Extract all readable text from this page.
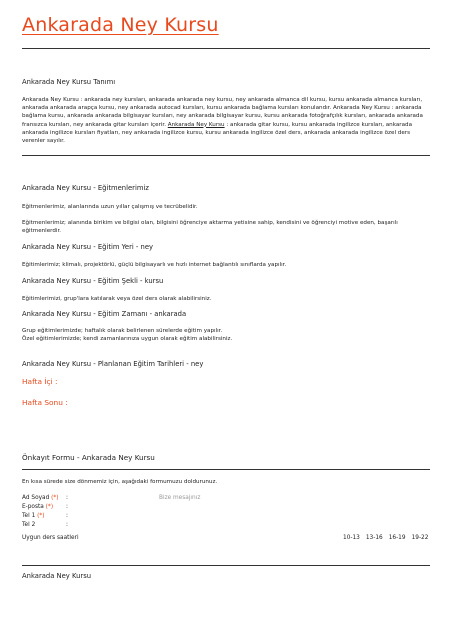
Ankarada Ney Kursu

Ankarada Ney Kursu Tanımı

Ankarada Ney Kursu : ankarada ney kursları, ankarada ankarada ney kursu, ney ankarada almanca dil kursu, kursu ankarada almanca kursları, ankarada ankarada arapça kursu, ney ankarada autocad kursları, kursu ankarada bağlama kursları konulandır. Ankarada Ney Kursu : ankarada bağlama kursu, ankarada ankarada bilgisayar kursları, ney ankarada bilgisayar kursu, kursu ankarada fotoğrafçılık kursları, ankarada ankarada fransızca kursları, ney ankarada gitar kursları içerir. Ankarada Ney Kursu : ankarada gitar kursu, kursu ankarada ingilizce kursları, ankarada ankarada ingilizce kursları fiyatları, ney ankarada ingilizce kursu, kursu ankarada ingilizce özel ders, ankarada ankarada ingilizce özel ders verenler sayılır.

Ankarada Ney Kursu - Eğitmenlerimiz

Eğitmenlerimiz, alanlarında uzun yıllar çalışmış ve tecrübelidir.

Eğitmenlerimiz; alanında birikim ve bilgisi olan, bilgisini öğrenciye aktarma yetisine sahip, kendisini ve öğrenciyi motive eden, başarılı eğitmenlerdir.

Ankarada Ney Kursu - Eğitim Yeri - ney

Eğitimlerimiz; klimalı, projektörlü, güçlü bilgisayarlı ve hızlı internet bağlantılı sınıflarda yapılır.

Ankarada Ney Kursu - Eğitim Şekli - kursu

Eğitimlerimizi, grup'lara katılarak veya özel ders olarak alabilirsiniz.

Ankarada Ney Kursu - Eğitim Zamanı - ankarada

Grup eğitimlerimizde; haftalık olarak belirlenen sürelerde eğitim yapılır.

Özel eğitimlerimizde; kendi zamanlarınıza uygun olarak eğitim alabilirsiniz.

Ankarada Ney Kursu - Planlanan Eğitim Tarihleri - ney

Hafta İçi :

Hafta Sonu :

Önkayıt Formu - Ankarada Ney Kursu

En kısa sürede size dönmemiz için, aşağıdaki formumuzu doldurunuz.

Ad Soyad (*) :
E-posta (*) :
Tel 1 (*)	:
Tel 2	:
Bize mesajınız
Uygun ders saatleri	10-13 13-16 16-19 19-22
Ankarada Ney Kursu
